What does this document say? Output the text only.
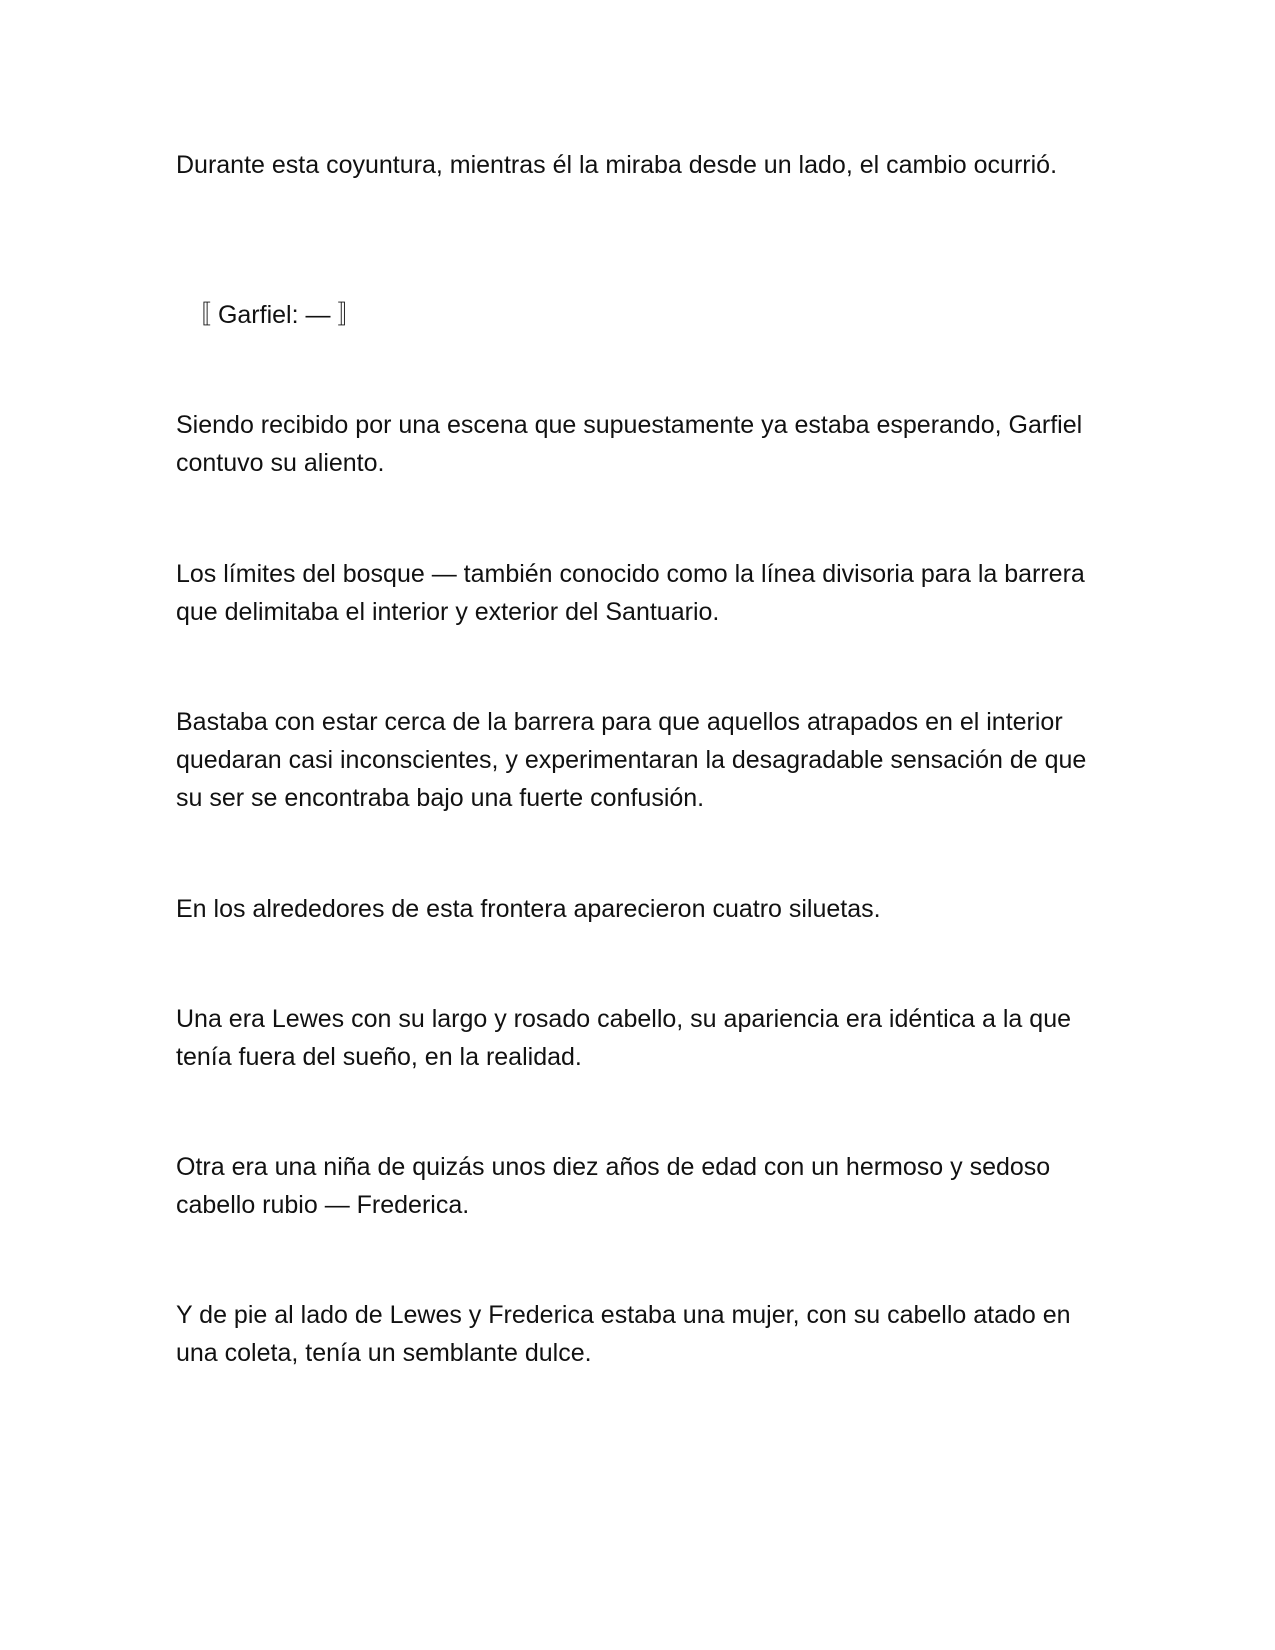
Durante esta coyuntura, mientras él la miraba desde un lado, el cambio ocurrió.

〚 Garfiel: — 〛

Siendo recibido por una escena que supuestamente ya estaba esperando, Garfiel contuvo su aliento.

Los límites del bosque — también conocido como la línea divisoria para la barrera que delimitaba el interior y exterior del Santuario.

Bastaba con estar cerca de la barrera para que aquellos atrapados en el interior quedaran casi inconscientes, y experimentaran la desagradable sensación de que su ser se encontraba bajo una fuerte confusión.

En los alrededores de esta frontera aparecieron cuatro siluetas.

Una era Lewes con su largo y rosado cabello, su apariencia era idéntica a la que tenía fuera del sueño, en la realidad.

Otra era una niña de quizás unos diez años de edad con un hermoso y sedoso cabello rubio — Frederica.

Y de pie al lado de Lewes y Frederica estaba una mujer, con su cabello atado en una coleta, tenía un semblante dulce.
